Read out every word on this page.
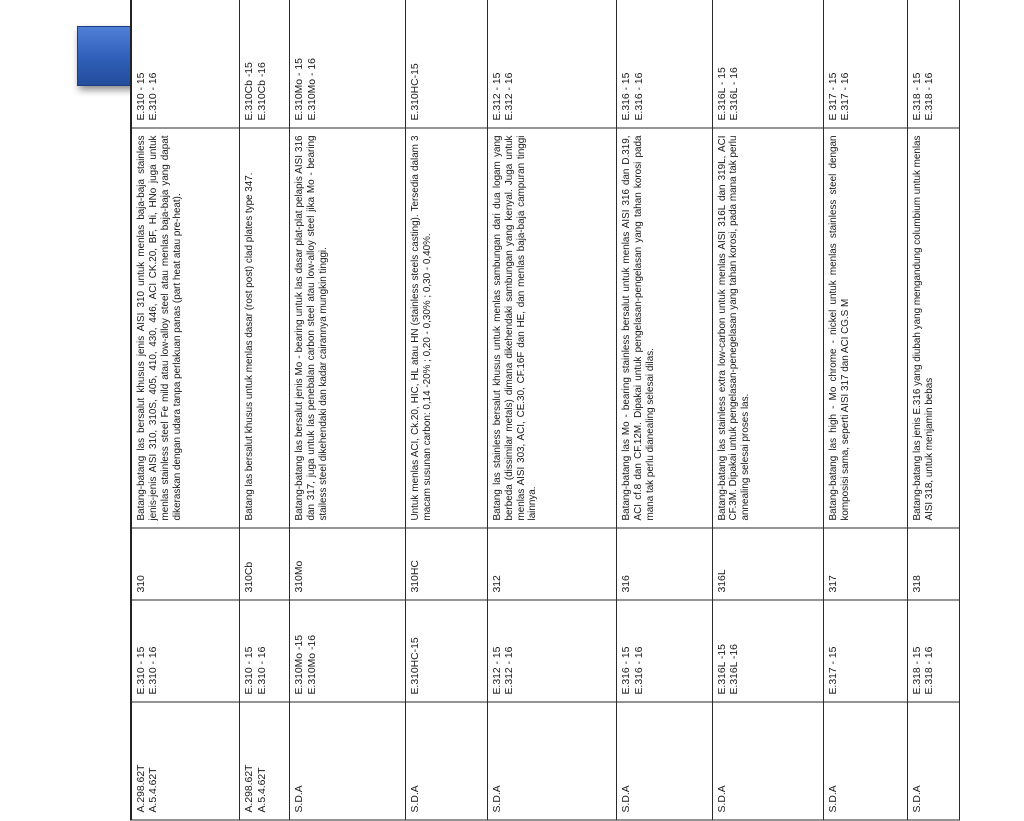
A.298.62T A.5.4.62T	E.310 - 15 E.310 - 16	310	Batang-batang las bersalut khusus jenis AISI 310 untuk menlas baja-baja stainless jenis-jenis AISI 310, 310S, 405, 410, 430, 446, ACI CK.20, BF, Hi, HNo juga untuk menlas stainless steel Fe mild atau low-alloy steel atau menlas baja-baja yang dapat dikeraskan dengan udara tanpa perlakuan panas (part heat atau pre-heat).	E.310 - 15 E.310 - 16

A.298.62T A.5.4.62T	E.310 - 15 E.310 - 16	310Cb	Batang las bersalut khusus untuk menlas dasar (rost post) clad plates type 347.	E.310Cb -15 E.310Cb -16

S.D.A	E.310Mo -15 E.310Mo -16	310Mo	Batang-batang las bersalut jenis Mo - bearing untuk las dasar plat-plat pelapis AISI 316 dan 317, juga untuk las penebalan carbon steel atau low-alloy steel jika Mo - bearing stailess steel dikehendaki dan kadar cairannya mungkin tinggi.	E.310Mo - 15 E.310Mo - 16

S.D.A	E.310HC-15	310HC	Untuk menlas ACI, Ck.20, HIC, HL atau HN (stainless steels casting). Tersedia dalam 3 macam susunan carbon: 0,14 -20% ; 0,20 - 0,30% ; 0,30 - 0,40%.	E.310HC-15

S.D.A	E.312 - 15 E.312 - 16	312	Batang las stainless bersalut khusus untuk menlas sambungan dari dua logam yang berbeda (dissimilar metals) dimana dikehendaki sambungan yang kenyal. Juga untuk menlas AISI 303, ACI, CE.30, CF.16F dan HE, dan menlas baja-baja campuran tinggi lainnya.	E.312 - 15 E.312 - 16

S.D.A	E.316 - 15 E.316 - 16	316	Batang-batang las Mo - bearing stainless bersalut untuk menlas AISI 316 dan D.319, ACI cf.8 dan CF.12M. Dipakai untuk pengelasan-pengelasan yang tahan korosi pada mana tak perlu dianealing selesai dilas.	E.316 - 15 E.316 - 16

S.D.A	E.316L -15 E.316L -16	316L	Batang-batang las stainless extra low-carbon untuk menlas AISI 316L dan 319L, ACI CF.3M. Dipakai untuk pengelasan-penegelasan yang tahan korosi, pada mana tak perlu annealing selesai proses las.	E.316L - 15 E.316L - 16

S.D.A	E.317 - 15	317	Batang-batang las high - Mo chrome - nickel untuk menlas stainless steel dengan komposisi sama, seperti AISI 317 dan ACI CG.S M	E 317 - 15 E.317 - 16

S.D.A	E.318 - 15 E.318 - 16	318	Batang-batang las jenis E.316 yang diubah yang mengandung columbium untuk menlas AISI 318, untuk menjamin bebas	E.318 - 15 E.318 - 16
